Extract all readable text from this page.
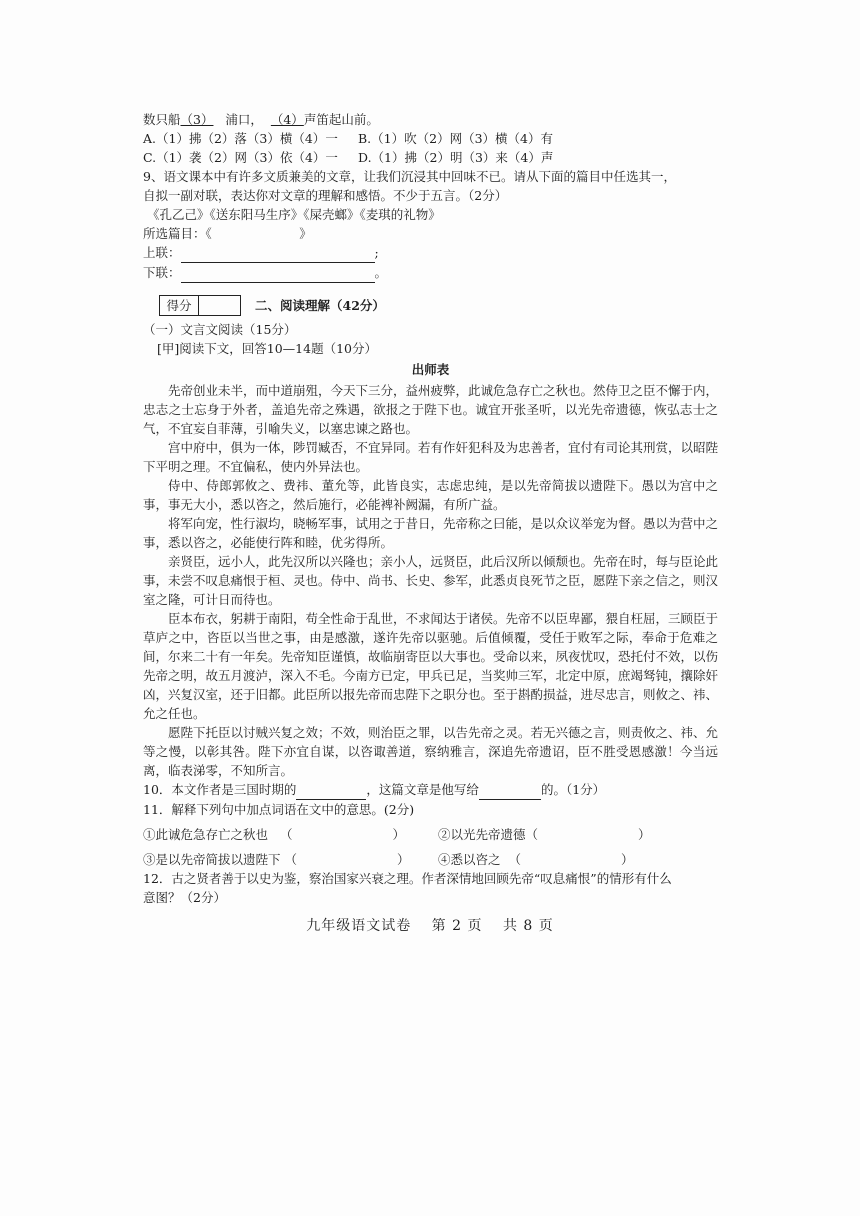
数只船（3） 浦口， （4）声笛起山前。
A.（1）拂（2）落（3）横（4）一	B.（1）吹（2）网（3）横（4）有
C.（1）袭（2）网（3）依（4）一	D.（1）拂（2）明（3）来（4）声
9、语文课本中有许多文质兼美的文章，让我们沉浸其中回味不已。请从下面的篇目中任选其一，
自拟一副对联，表达你对文章的理解和感悟。不少于五言。（2分）
《孔乙己》《送东阳马生序》《屎壳螂》《麦琪的礼物》
所选篇目：《　　　　　　　》
上联：	;
下联：	。
得分	二、阅读理解（42分）
（一）文言文阅读（15分）
[甲]阅读下文，回答10—14题（10分）
出师表

先帝创业未半，而中道崩殂，今天下三分，益州疲弊，此诚危急存亡之秋也。然侍卫之臣不懈于内，忠志之士忘身于外者，盖追先帝之殊遇，欲报之于陛下也。诚宜开张圣听，以光先帝遗德，恢弘志士之气，不宜妄自菲薄，引喻失义，以塞忠谏之路也。

宫中府中，俱为一体，陟罚臧否，不宜异同。若有作奸犯科及为忠善者，宜付有司论其刑赏，以昭陛下平明之理。不宜偏私，使内外异法也。

侍中、侍郎郭攸之、费祎、董允等，此皆良实，志虑忠纯，是以先帝简拔以遗陛下。愚以为宫中之事，事无大小，悉以咨之，然后施行，必能裨补阙漏，有所广益。

将军向宠，性行淑均，晓畅军事，试用之于昔日，先帝称之曰能，是以众议举宠为督。愚以为营中之事，悉以咨之，必能使行阵和睦，优劣得所。

亲贤臣，远小人，此先汉所以兴隆也；亲小人，远贤臣，此后汉所以倾颓也。先帝在时，每与臣论此事，未尝不叹息痛恨于桓、灵也。侍中、尚书、长史、参军，此悉贞良死节之臣，愿陛下亲之信之，则汉室之隆，可计日而待也。

臣本布衣，躬耕于南阳，苟全性命于乱世，不求闻达于诸侯。先帝不以臣卑鄙，猥自枉屈，三顾臣于草庐之中，咨臣以当世之事，由是感激，遂许先帝以驱驰。后值倾覆，受任于败军之际，奉命于危难之间，尔来二十有一年矣。先帝知臣谨慎，故临崩寄臣以大事也。受命以来，夙夜忧叹，恐托付不效，以伤先帝之明，故五月渡泸，深入不毛。今南方已定，甲兵已足，当奖帅三军，北定中原，庶竭驽钝，攘除奸凶，兴复汉室，还于旧都。此臣所以报先帝而忠陛下之职分也。至于斟酌损益，进尽忠言，则攸之、祎、允之任也。

愿陛下托臣以讨贼兴复之效；不效，则治臣之罪，以告先帝之灵。若无兴德之言，则责攸之、祎、允等之慢，以彰其咎。陛下亦宜自谋，以咨诹善道，察纳雅言，深追先帝遗诏，臣不胜受恩感激！今当远离，临表涕零，不知所言。

10．本文作者是三国时期的	，这篇文章是他写给	的。（1分）
11．解释下列句中加点词语在文中的意思。(2分)
①此诚危急存亡之秋也 （	）	②以光先帝遗德（	）
③是以先帝简拔以遗陛下 （	）	④悉以咨之 （	）
12．古之贤者善于以史为鉴，察治国家兴衰之理。作者深情地回顾先帝“叹息痛恨”的情形有什么
意图？（2分）
九年级语文试卷　 第 2 页　 共 8 页
